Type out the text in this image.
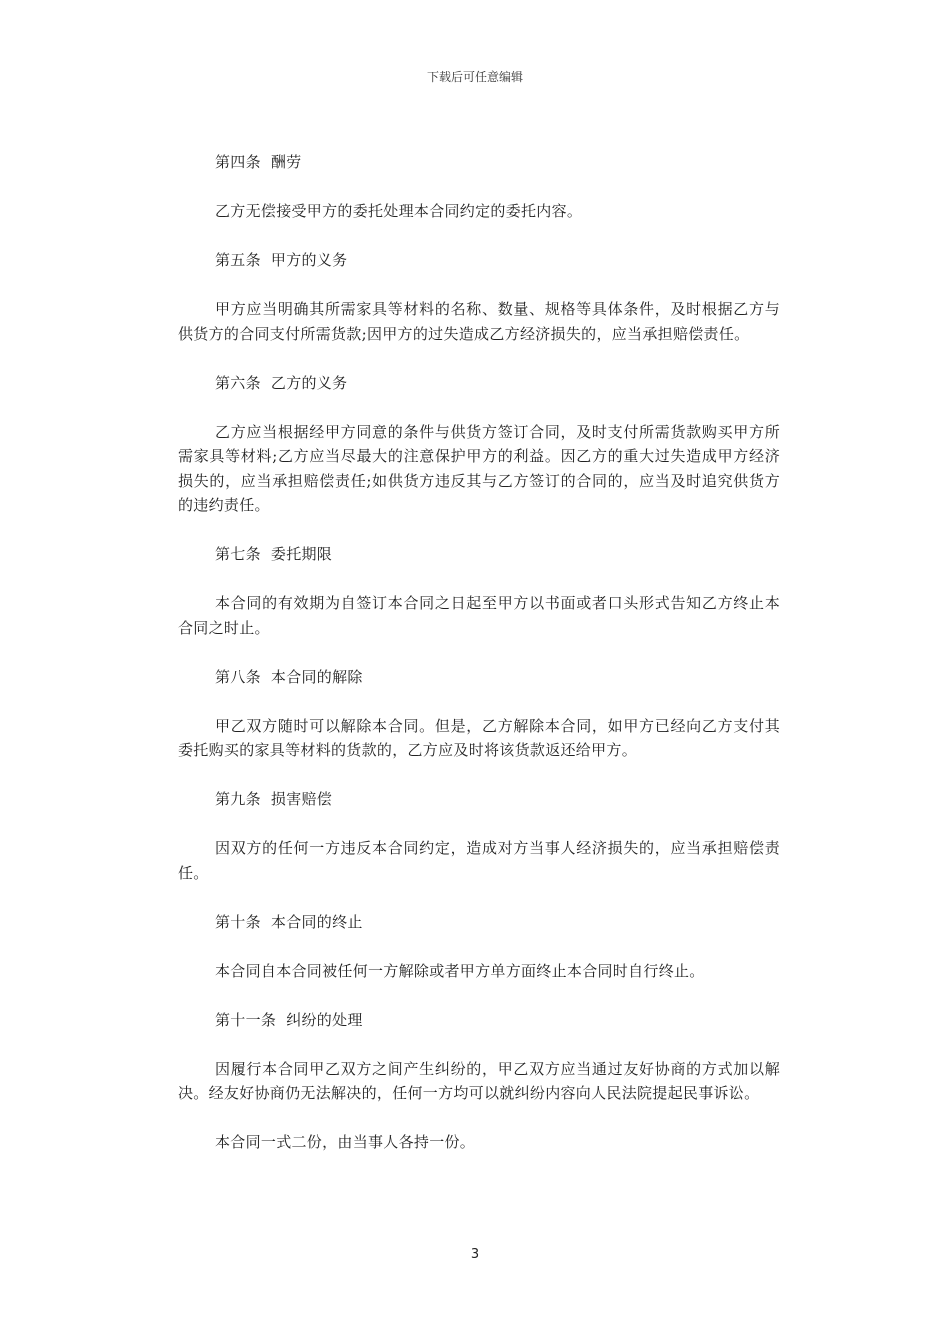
下载后可任意编辑

第四条 酬劳

乙方无偿接受甲方的委托处理本合同约定的委托内容。

第五条 甲方的义务

甲方应当明确其所需家具等材料的名称、数量、规格等具体条件，及时根据乙方与供货方的合同支付所需货款;因甲方的过失造成乙方经济损失的，应当承担赔偿责任。

第六条 乙方的义务

乙方应当根据经甲方同意的条件与供货方签订合同，及时支付所需货款购买甲方所需家具等材料;乙方应当尽最大的注意保护甲方的利益。因乙方的重大过失造成甲方经济损失的，应当承担赔偿责任;如供货方违反其与乙方签订的合同的，应当及时追究供货方的违约责任。

第七条 委托期限

本合同的有效期为自签订本合同之日起至甲方以书面或者口头形式告知乙方终止本合同之时止。

第八条 本合同的解除

甲乙双方随时可以解除本合同。但是，乙方解除本合同，如甲方已经向乙方支付其委托购买的家具等材料的货款的，乙方应及时将该货款返还给甲方。

第九条 损害赔偿

因双方的任何一方违反本合同约定，造成对方当事人经济损失的，应当承担赔偿责任。

第十条 本合同的终止

本合同自本合同被任何一方解除或者甲方单方面终止本合同时自行终止。

第十一条 纠纷的处理

因履行本合同甲乙双方之间产生纠纷的，甲乙双方应当通过友好协商的方式加以解决。经友好协商仍无法解决的，任何一方均可以就纠纷内容向人民法院提起民事诉讼。

本合同一式二份，由当事人各持一份。

3
